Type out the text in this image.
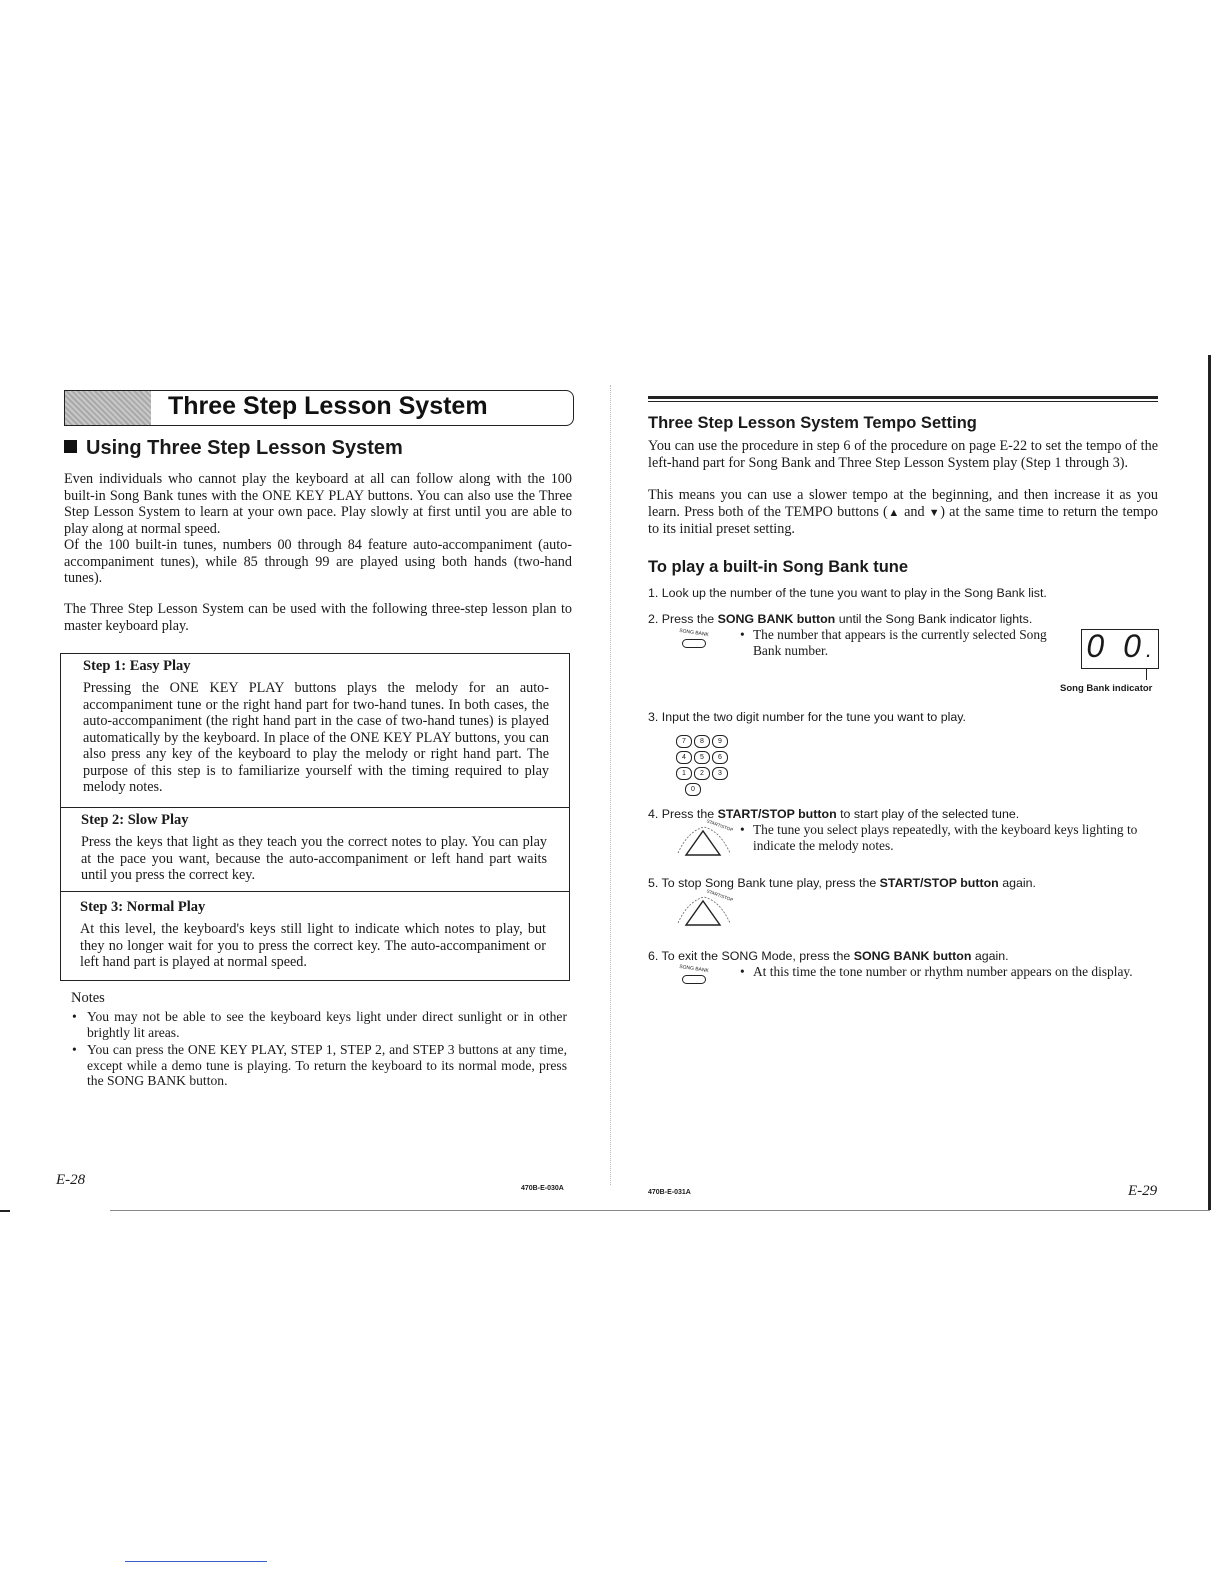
Three Step Lesson System
Using Three Step Lesson System
Even individuals who cannot play the keyboard at all can follow along with the 100 built-in Song Bank tunes with the ONE KEY PLAY buttons. You can also use the Three Step Lesson System to learn at your own pace. Play slowly at first until you are able to play along at normal speed.
Of the 100 built-in tunes, numbers 00 through 84 feature auto-accompaniment (auto-accompaniment tunes), while 85 through 99 are played using both hands (two-hand tunes).
The Three Step Lesson System can be used with the following three-step lesson plan to master keyboard play.
Step 1: Easy Play
Pressing the ONE KEY PLAY buttons plays the melody for an auto-accompaniment tune or the right hand part for two-hand tunes. In both cases, the auto-accompaniment (the right hand part in the case of two-hand tunes) is played automatically by the keyboard. In place of the ONE KEY PLAY buttons, you can also press any key of the keyboard to play the melody or right hand part. The purpose of this step is to familiarize yourself with the timing required to play melody notes.
Step 2: Slow Play
Press the keys that light as they teach you the correct notes to play. You can play at the pace you want, because the auto-accompaniment or left hand part waits until you press the correct key.
Step 3: Normal Play
At this level, the keyboard's keys still light to indicate which notes to play, but they no longer wait for you to press the correct key. The auto-accompaniment or left hand part is played at normal speed.
Notes
• You may not be able to see the keyboard keys light under direct sunlight or in other brightly lit areas.
• You can press the ONE KEY PLAY, STEP 1, STEP 2, and STEP 3 buttons at any time, except while a demo tune is playing. To return the keyboard to its normal mode, press the SONG BANK button.
E-28
470B-E-030A
Three Step Lesson System Tempo Setting
You can use the procedure in step 6 of the procedure on page E-22 to set the tempo of the left-hand part for Song Bank and Three Step Lesson System play (Step 1 through 3).
This means you can use a slower tempo at the beginning, and then increase it as you learn. Press both of the TEMPO buttons (▲ and ▼) at the same time to return the tempo to its initial preset setting.
To play a built-in Song Bank tune
1. Look up the number of the tune you want to play in the Song Bank list.
2. Press the SONG BANK button until the Song Bank indicator lights.
SONG BANK • The number that appears is the currently selected Song Bank number.	0 0.
Song Bank indicator
3. Input the two digit number for the tune you want to play.
7 8 9
4 5 6
1 2 3
0
4. Press the START/STOP button to start play of the selected tune.
START/STOP • The tune you select plays repeatedly, with the keyboard keys lighting to indicate the melody notes.
5. To stop Song Bank tune play, press the START/STOP button again.
START/STOP
6. To exit the SONG Mode, press the SONG BANK button again.
SONG BANK • At this time the tone number or rhythm number appears on the display.
470B-E-031A	E-29
